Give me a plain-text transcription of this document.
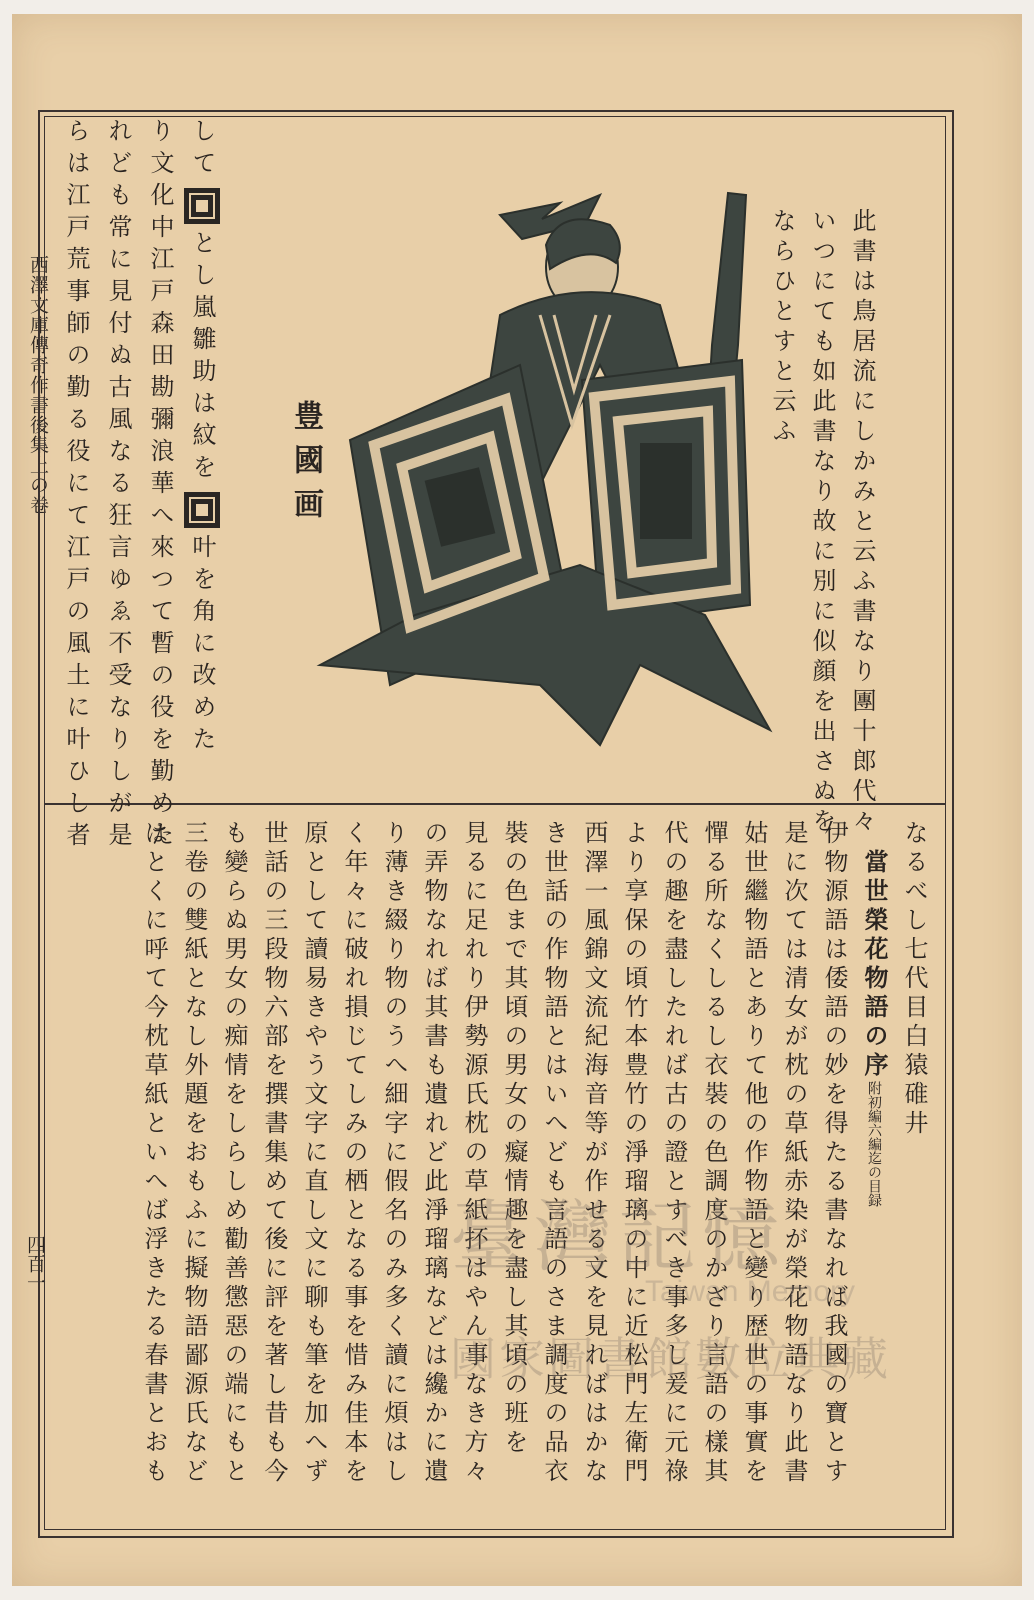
西澤文庫傳奇作書後集上の卷
四百一
此書は鳥居流にしかみと云ふ書なり團十郎代々
いつにても如此書なり故に別に似顔を出さぬを
ならひとすと云ふ
豊國画
してとし嵐雛助は紋を叶を角に改めた
り文化中江戸森田勘彌浪華へ來つて暫の役を勤めた
れども常に見付ぬ古風なる狂言ゆゑ不受なりしが是
らは江戸荒事師の勤る役にて江戸の風土に叶ひし者
なるべし七代目白猿碓井
　當世榮花物語の序附初編六編迄の目録
伊物源語は倭語の妙を得たる書なれば我國の寶とす
是に次ては清女が枕の草紙赤染が榮花物語なり此書
姑世繼物語とありて他の作物語と變り歴世の事實を
憚る所なくしるし衣裝の色調度のかざり言語の樣其
代の趣を盡したれば古の證とすべき事多し爰に元祿
より享保の頃竹本豊竹の淨瑠璃の中に近松門左衛門
西澤一風錦文流紀海音等が作せる文を見ればはかな
き世話の作物語とはいへども言語のさま調度の品衣
裝の色まで其頃の男女の癡情趣を盡し其頃の班を
見るに足れり伊勢源氏枕の草紙抔はやん事なき方々
の弄物なれば其書も遺れど此淨瑠璃などは纔かに遺
り薄き綴り物のうへ細字に假名のみ多く讀に煩はし
く年々に破れ損じてしみの栖となる事を惜み佳本を
原として讀易きやう文字に直し文に聊も筆を加へず
世話の三段物六部を撰書集めて後に評を著し昔も今
も變らぬ男女の痴情をしらしめ勸善懲惡の端にもと
三卷の雙紙となし外題をおもふに擬物語鄙源氏など
はとくに呼て今枕草紙といへば浮きたる春書とおも	臺灣記憶
Taiwan Memory
國家圖書館數位典藏
